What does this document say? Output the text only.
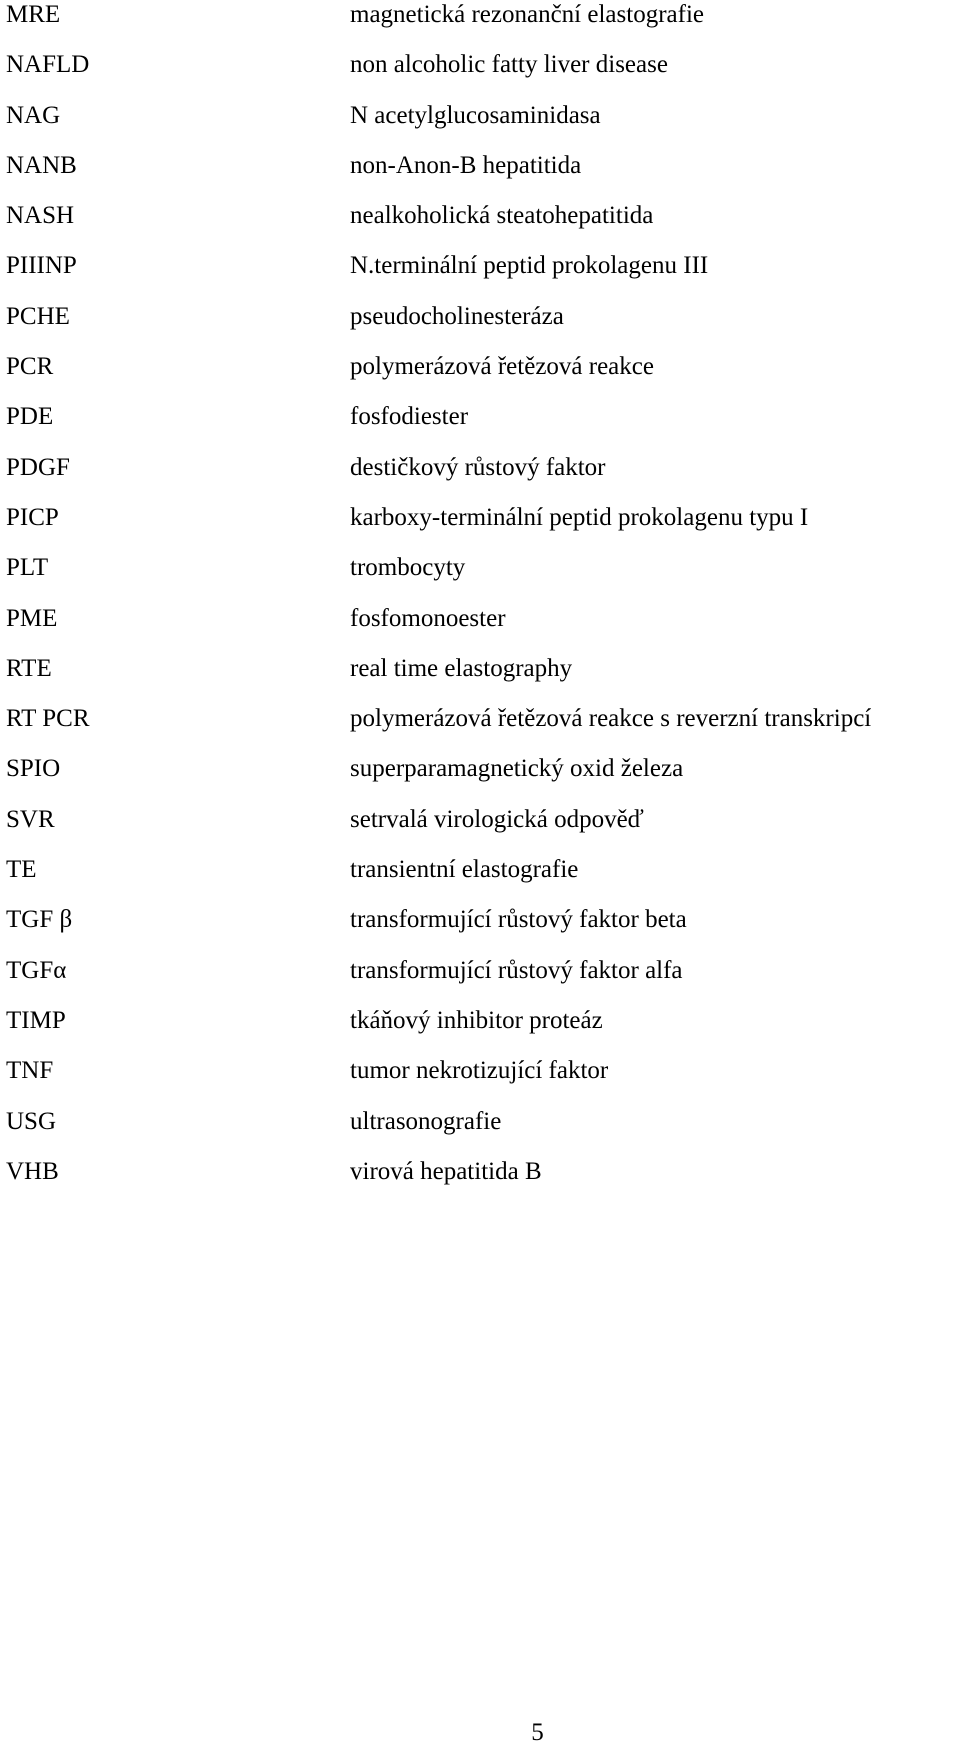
MRE	magnetická rezonanční elastografie
NAFLD	non alcoholic fatty liver disease
NAG	N acetylglucosaminidasa
NANB	non-Anon-B hepatitida
NASH	nealkoholická steatohepatitida
PIIINP	N.terminální peptid prokolagenu III
PCHE	pseudocholinesteráza
PCR	polymerázová řetězová reakce
PDE	fosfodiester
PDGF	destičkový růstový faktor
PICP	karboxy-terminální peptid prokolagenu typu I
PLT	trombocyty
PME	fosfomonoester
RTE	real time elastography
RT PCR	polymerázová řetězová reakce s reverzní transkripcí
SPIO	superparamagnetický oxid železa
SVR	setrvalá virologická odpověď
TE	transientní elastografie
TGF β	transformující růstový faktor beta
TGFα	transformující růstový faktor alfa
TIMP	tkáňový inhibitor proteáz
TNF	tumor nekrotizující faktor
USG	ultrasonografie
VHB	virová hepatitida B
5
